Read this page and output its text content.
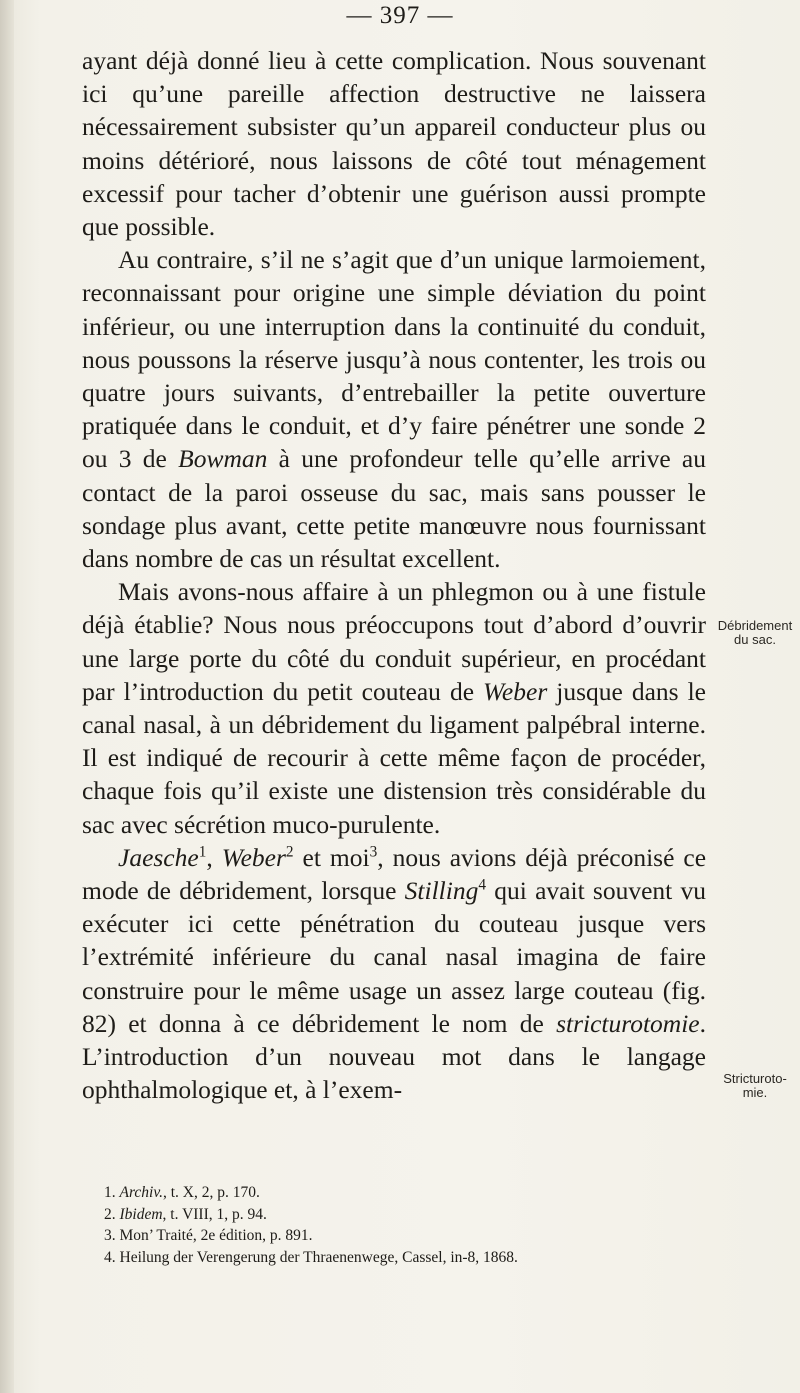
— 397 —

ayant déjà donné lieu à cette complication. Nous souvenant ici qu’une pareille affection destructive ne laissera nécessairement subsister qu’un appareil conducteur plus ou moins détérioré, nous laissons de côté tout ménagement excessif pour tacher d’obtenir une guérison aussi prompte que possible.

Au contraire, s’il ne s’agit que d’un unique larmoiement, reconnaissant pour origine une simple déviation du point inférieur, ou une interruption dans la continuité du conduit, nous poussons la réserve jusqu’à nous contenter, les trois ou quatre jours suivants, d’entrebailler la petite ouverture pratiquée dans le conduit, et d’y faire pénétrer une sonde 2 ou 3 de Bowman à une profondeur telle qu’elle arrive au contact de la paroi osseuse du sac, mais sans pousser le sondage plus avant, cette petite manœuvre nous fournissant dans nombre de cas un résultat excellent.

Mais avons-nous affaire à un phlegmon ou à une fistule déjà établie? Nous nous préoccupons tout d’abord d’ouvrir une large porte du côté du conduit supérieur, en procédant par l’introduction du petit couteau de Weber jusque dans le canal nasal, à un débridement du ligament palpébral interne. Il est indiqué de recourir à cette même façon de procéder, chaque fois qu’il existe une distension très considérable du sac avec sécrétion muco-purulente.

Jaesche$^1$, Weber$^2$ et moi$^3$, nous avions déjà préconisé ce mode de débridement, lorsque Stilling$^4$ qui avait souvent vu exécuter ici cette pénétration du couteau jusque vers l’extrémité inférieure du canal nasal imagina de faire construire pour le même usage un assez large couteau (fig. 82) et donna à ce débridement le nom de stricturotomie. L’introduction d’un nouveau mot dans le langage ophthalmologique et, à l’exem-

Débridement
du sac.
Stricturoto-
mie.
1. Archiv., t. X, 2, p. 170.
2. Ibidem, t. VIII, 1, p. 94.
3. Mon’ Traité, 2e édition, p. 891.
4. Heilung der Verengerung der Thraenenwege, Cassel, in-8, 1868.
